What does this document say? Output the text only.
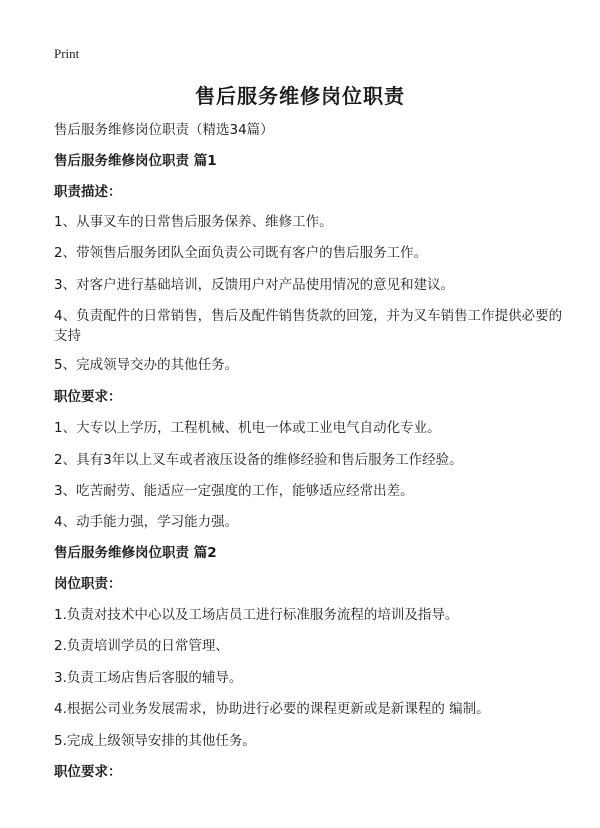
Print
售后服务维修岗位职责
售后服务维修岗位职责（精选34篇）
售后服务维修岗位职责 篇1
职责描述：
1、从事叉车的日常售后服务保养、维修工作。
2、带领售后服务团队全面负责公司既有客户的售后服务工作。
3、对客户进行基础培训，反馈用户对产品使用情况的意见和建议。
4、负责配件的日常销售，售后及配件销售货款的回笼，并为叉车销售工作提供必要的支持
5、完成领导交办的其他任务。
职位要求：
1、大专以上学历，工程机械、机电一体或工业电气自动化专业。
2、具有3年以上叉车或者液压设备的维修经验和售后服务工作经验。
3、吃苦耐劳、能适应一定强度的工作，能够适应经常出差。
4、动手能力强，学习能力强。
售后服务维修岗位职责 篇2
岗位职责：
1.负责对技术中心以及工场店员工进行标准服务流程的培训及指导。
2.负责培训学员的日常管理、
3.负责工场店售后客服的辅导。
4.根据公司业务发展需求，协助进行必要的课程更新或是新课程的 编制。
5.完成上级领导安排的其他任务。
职位要求：
